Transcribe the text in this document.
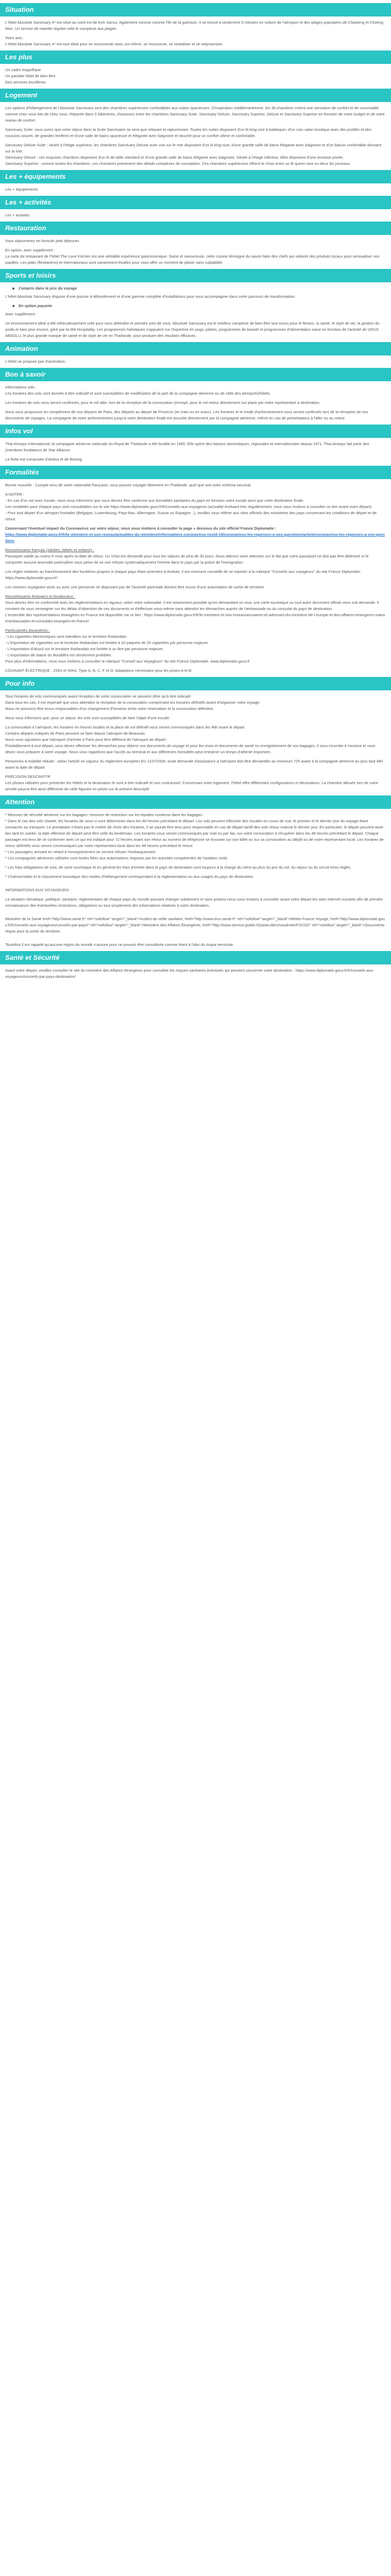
Situation

L'hôtel Absolute Sanctuary 4* est situé au nord-est de Koh Samui, également connue comme l'île de la guérison. Il se trouve à seulement 5 minutes en voiture de l'aéroport et des plages populaires de Chaweng et Choeng Mon. Un service de navette régulier relie le complexe aux plages.

Votre avis :

L'hôtel Absolute Sanctuary 4* est tout idéal pour se reconnecter avec soi-même, se ressourcer, se revitaliser et se redynamiser.

Les plus
Un cadre magnifique
Un paisible hôtel de bien-être
Des services excellents
Logement

Les options d'hébergement de l'Absolute Sanctuary sont des chambres supérieures confortables aux suites spacieuses. D'inspiration méditerranéenne, les 36 chambres créent une sensation de confort et de convivialité comme chez vous loin de chez vous. Répartie dans 5 bâtiments, choisissez entre les chambres Sanctuary Suite, Sanctuary Deluxe, Sanctuary Superior, Deluxe et Sanctuary Superior en fonction de votre budget et de votre niveau de confort.

Sanctuary Suite: vous aurez que votre séjour dans la Suite Sanctuaire ne sera que relaxant et rajeunissant. Toutes les suites disposent d'un lit king-size à baldaquin, d'un coin salon boutique avec des profilés et des coussins assorti, de grandes fenêtres et d'une salle de bains spacieuse et élégante avec baignoire et douche pour un confort ultime et confortable.

Sanctuary Deluxe Suite : située à l'étage supérieur, les chambres Sanctuary Deluxe avec vue sur le mer disposent d'un lit king-size, d'une grande salle de bains élégante avec baignoire et d'un balcon confortable donnant sur la mer.

Sanctuary Deluxe : ces exquises chambres disposent d'un lit de taille standard et d'une grande salle de bains élégante avec baignoire. Située à l'étage inférieur, elles disposent d'une terrasse privée.

Sanctuary Superior : comme toutes les chambres, ces chambres présentent des détails complexes de conception. Ces chambres supérieures offrent le choix entre un lit queen-size ou deux lits jumeaux.

Les + équipements

Les + équipements

Les + activités

Les + activités

Restauration

Vous séjournerez en formule petit déjeuner.

En option, avec supplément :

La carte du restaurant de l'hôtel The Love Kitchen est une véritable expérience gastronomique. Saine et savoureuse, cette cuisine témoigne du savoir-faire des chefs qui utilisent des produits locaux pour sensualiser vos papilles. Les plats (flexitariens) et internationaux sont savamment étudiés pour vous offrir un moment de plaisir sans culpabilité.

Sports et loisirs
Compris dans le prix du voyage

L'hôtel Absolute Sanctuary dispose d'une piscine à débordement et d'une gamme complète d'installations pour vous accompagner dans votre parcours de transformation.

En option payante

Avec supplément :

Un environnement idéal a été méticuleusement créé pour vous détendre et prendre soin de vous. Absolute Sanctuary est le meilleur complexe de bien-être tout inclus pour le fitness, la santé, le style de vie, la gestion du poids et bien plus encore, géré par ALMA Hospitality. Les programmes holistiques s'appuient sur l'expertise en yoga, pilates, programmes de beauté et programmes d'alimentation saine en fonction de l'activité de VOUS ABSOLU, le plus grande marque de santé et de style de vie en Thaïlande, pour produire des résultats efficaces.

Animation

L'hôtel ne propose pas d'animation.

Bon à savoir

Informations vols :

Les horaires des vols sont donnés à titre indicatif et sont susceptibles de modification de la part de la compagnie aérienne ou de celle des aéroports/hôtels.

Les horaires de vols vous seront confirmés, pour le vol aller, lors de la réception de la convocation (envoyé, pour le vol retour directement sur place par notre représentant à destination.

Nous vous proposons en complément de nos départs de Paris, des départs au départ de Province (en train ou en avion). Les horaires et le mode d'acheminement vous seront confirmés lors de la réception de vos documents de voyages. La compagnie de votre acheminement jusqu'à votre destination finale est assurée directement par la compagnie aérienne, même en cas de perturbations à l'aller ou au retour.

Infos vol

Thai Airways International, la compagnie aérienne nationale du Royal de Thaïlande a été fondée en 1960. Elle opère des liaisons domestiques, régionales et internationales depuis 1971. Thai Airways fait partir des (membres fondateurs de Star Alliance.

La flotte est composée d'Airbus et de Boeing.

Formalités

Bonne nouvelle : Compte tenu de votre nationalité française, vous pouvez voyager librement en Thaïlande, quel que soit votre schéma vaccinal.

A NOTER :

- En cas d'un vol avec escale, nous vous informons que vous devrez être conforme aux formalités sanitaires du pays en fonction votre escale ainsi que votre destination finale.

Les modalités pour chaque pays sont consultables sur le site https://www.diplomatie.gouv.fr/fr/conseils-aux-voyageurs (actualité évoluant très régulièrement, nous vous invitons à consulter ce lien avant votre départ).

- Pour tout départ d'un aéroport frontalier (Belgique, Luxembourg, Pays-Bas, Allemagne, Suisse ou Espagne...), veuillez vous référer aux sites officiels des ministères des pays concernant les conditions de départ et de retour.

Concernant l'éventuel impact du Coronavirus sur votre séjour, nous vous invitons à consulter la page « dessous du site officiel France Diplomatie :

https://www.diplomatie.gouv.fr/fr/le-ministere-et-son-reseau/actualites-du-ministere/informations-coronavirus-covid-19/coronavirus-les-reponses-a-vos-questions/article/coronavirus-les-reponses-a-vos-questions

Ressortissants français (adultes, bébés et enfants) :

Passeport valide au moins 6 mois après la date de retour. Un VISA est demandé pour tous les séjours de plus de 30 jours. Nous attirons votre attention sur le fait que votre passeport ne doit pas être détérioré et le comporter aucune anomalie particulière sous peine de se voir refuser systématiquement l'entrée dans le pays par la police de l'immigration.

Les règles relatives au franchissement des frontières propres à chaque pays étant amenées à évoluer, il est vivement conseillé de se reporter à la rubrique "Conseils aux voyageurs" du site France Diplomatie, https://www.diplomatie.gouv.fr/

Les mineurs voyageant seuls ou avec une personne ne disposant pas de l'autorité parentale doivent être munis d'une autorisation de sortie de territoire.

Ressortissants étrangers et binationaux :

Vous devrez être en conformité avec les réglementations en vigueur, selon votre nationalité, il est notamment possible qu'en demandant un visa, une carte touristique ou tout autre document officiel vous soit demandé. Il convient de vous renseigner sur les délais d'obtention de ces documents et d'effectuer vous-même sans attendre les démarches auprès de l'ambassade ou du consulat du pays de destination.

L'ensemble des représentations étrangères en France est disponible via ce lien : https://www.diplomatie.gouv.fr/fr/le-ministere-et-son-reseau/annuaires-et-adresses-du-ministere-de-l-europe-et-des-affaires-etrangeres-maeae/ambassades-et-consulats-etrangers-en-france/

Particularités douanières :

- Les cigarettes électroniques sont interdites sur le territoire thaïlandais
- L'importation de cigarettes sur le territoire thaïlandais est limitée à 10 paquets de 20 cigarettes par personne majeure.
- L'importation d'alcool sur le territoire thaïlandais est limitée à un litre par personne majeure.
- L'exportation de statue du Bouddha est strictement prohibée.
Pour plus d'informations, nous vous invitons à consulter la rubrique "Conseil aux Voyageurs" du site France Diplomatie. www.diplomatie.gouv.fr

COURANT ÉLECTRIQUE : 220V et 50Hz. Type A, B, C, F et O. Adaptateur nécessaire pour les prises A et B.

Pour info

Tous horaires de vols communiqués avant réception de votre convocation ne peuvent (être qu'à titre indicatif.

Dans tous les cas, il est impératif que vous attendiez la réception de la convocation comprenant les horaires définitifs avant d'organiser votre voyage.

Nous ne pourrons être tenus responsables d'un changement d'horaires entre votre réservation et la convocation définitive.

Nous vous informons que, pour ce séjour, les vols sont susceptibles de faire l'objet d'une escale.

La convocation à l'aéroport, les horaires en heures locales et la place de vol définitif vous seront communiqués dans les 48h avant le départ.

Certains départs indiqués de Paris peuvent se faire depuis l'aéroport de Beauvais.

Nous vous signalons que l'aéroport d'arrivée à Paris peut être différent de l'aéroport de départ.

Préalablement à tout départ, vous devez effectuer les démarches pour obtenir vos documents de voyage et pour les visas et documents de santé ou enregistrement de vos bagages, il vous incombe à l'avance et vous devez vous préparer à votre voyage. Nous vous rappelons que l'accès au terminal et aux différentes formalités peut entraîner un temps d'attente important...

Personnes à mobilité réduite : selon l'article en vigueur du règlement européen EU 1107/2006, toute demande d'assistance à l'aéroport doit être demandée au minimum 72h avant à la compagnie aérienne au plus tard 48h avant la date de départ.

PRÉCISION DESCRIPTIF

Les photos utilisées pour présenter les hôtels et la destination le sont à titre indicatif et non contractuel. Concernant votre logement, l'hôtel offre différentes configurations et décorations. La chambre allouée lors de votre arrivée pourra être ainsi différente de celle figurant en photo sur le présent descriptif.

Attention

* Mesures de sécurité aérienne sur les bagages: mesures de restriction sur les liquides contenus dans les bagages.

* Dans le cas des vols charter, les horaires de ceux-ci sont déterminés dans les 48 heures précédant le départ. Les vols peuvent effectuer des escales en cours de nuit, le premier et le dernier jour du voyage étant consacrés au transport. Le prestataire n'étant pas le maître de choix des horaires, il se saurait être tenu pour responsable en cas de départ tardif des vols retour matinal le dernier jour. En particulier, le départ peuvent avoir lieu tard en soirée, la date effective de départ peut être celle du lendemain. Les horaires vous seront communiqués par mail ou par fax, sur votre convocation à récupérer dans les 48 heures précédant le départ. Chaque passager est tenu de se conformer avec ce qui est indiqué pour 72 heures avant son retour au numéro de téléphone se trouvant sur son billet ou sur sa convocation au dépôt ou de notre représentant local. Les horaires de retour définitifs vous seront communiqués par notre représentant local dans les 48 heures précédant le retour.

* Les passagers arrivant en retard à l'enregistrement se verront refuser l'embarquement.

* Les compagnies aériennes utilisées sont toutes fiées aux autorisations requises par les autorités compétentes de l'aviation civile.

* Les frais obligatoires de visa, de carte touristique et en général les frais d'entrée dans le pays de destination sont toujours à la charge du client au plus du prix du vol, du séjour ou du circuit et/ou réglés.

* Chaînes/vidéo et le classement touristique des modes d'hébergement correspondant à la réglementation ou aux usages du pays de destination.

INFORMATIONS AUX VOYAGEURS :

La situation climatique, politique, sanitaire, réglementaire de chaque pays du monde pouvant changer subitement et sans préavis nous vous invitons à consulter avant votre départ les sites internet suivants afin de prendre connaissance des éventuelles restrictions, obligations ou tout simplement des informations relatives à votre destination.

Ministère de la Santé href="http://www.sante.fr" rel="nofollow" target="_blank">Institut de veille sanitaire, href="http://www.invs.sante.fr" rel="nofollow" target="_blank">Météo France Voyage, href="http://www.diplomatie.gouv.fr/fr/conseils-aux-voyageurs/conseils-par-pays/" rel="nofollow" target="_blank">Ministère des Affaires Étrangères, href="http://www.service-public.fr/particuliers/vosdroits/F32102" rel="nofollow" target="_blank">Documents requis pour la sortie du territoire.

Toutefois il est rappelé qu'aucune région du monde n'assure pour ne pouvoir être considérée comme étant à l'abri du risque terroriste.

Santé et Sécurité

Avant votre départ, veuillez consulter le site du ministère des Affaires étrangères pour connaître les risques sanitaires éventuels qui peuvent concerner votre destination : https://www.diplomatie.gouv.fr/fr/conseils-aux-voyageurs/conseils-par-pays-destination/
